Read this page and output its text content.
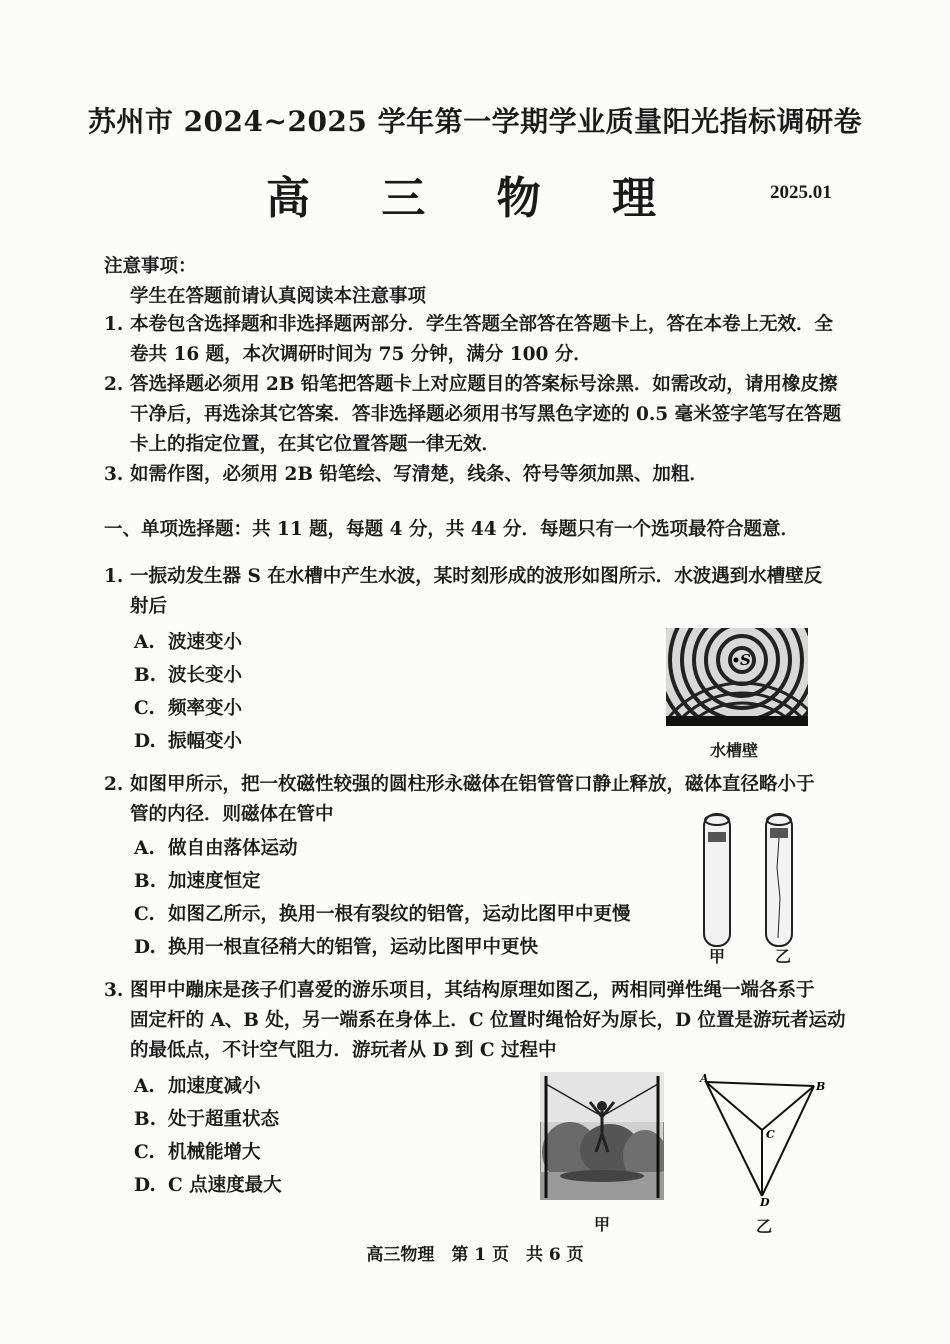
苏州市 2024~2025 学年第一学期学业质量阳光指标调研卷
高 三 物 理	2025.01
注意事项：
学生在答题前请认真阅读本注意事项
1. 本卷包含选择题和非选择题两部分．学生答题全部答在答题卡上，答在本卷上无效．全
卷共 16 题，本次调研时间为 75 分钟，满分 100 分．
2. 答选择题必须用 2B 铅笔把答题卡上对应题目的答案标号涂黑．如需改动，请用橡皮擦
干净后，再选涂其它答案．答非选择题必须用书写黑色字迹的 0.5 毫米签字笔写在答题
卡上的指定位置，在其它位置答题一律无效．
3. 如需作图，必须用 2B 铅笔绘、写清楚，线条、符号等须加黑、加粗．
一、单项选择题：共 11 题，每题 4 分，共 44 分．每题只有一个选项最符合题意．
1. 一振动发生器 S 在水槽中产生水波，某时刻形成的波形如图所示．水波遇到水槽壁反
射后
A. 波速变小
B. 波长变小
C. 频率变小
D. 振幅变小
S
水槽壁
2. 如图甲所示，把一枚磁性较强的圆柱形永磁体在铝管管口静止释放，磁体直径略小于
管的内径．则磁体在管中
A. 做自由落体运动
B. 加速度恒定
C. 如图乙所示，换用一根有裂纹的铝管，运动比图甲中更慢
D. 换用一根直径稍大的铝管，运动比图甲中更快	甲	乙
3. 图甲中蹦床是孩子们喜爱的游乐项目，其结构原理如图乙，两相同弹性绳一端各系于
固定杆的 A、B 处，另一端系在身体上．C 位置时绳恰好为原长，D 位置是游玩者运动
的最低点，不计空气阻力．游玩者从 D 到 C 过程中
A. 加速度减小
B. 处于超重状态
C. 机械能增大
D. C 点速度最大
甲
A
B
C
D
乙
高三物理　第 1 页　共 6 页
